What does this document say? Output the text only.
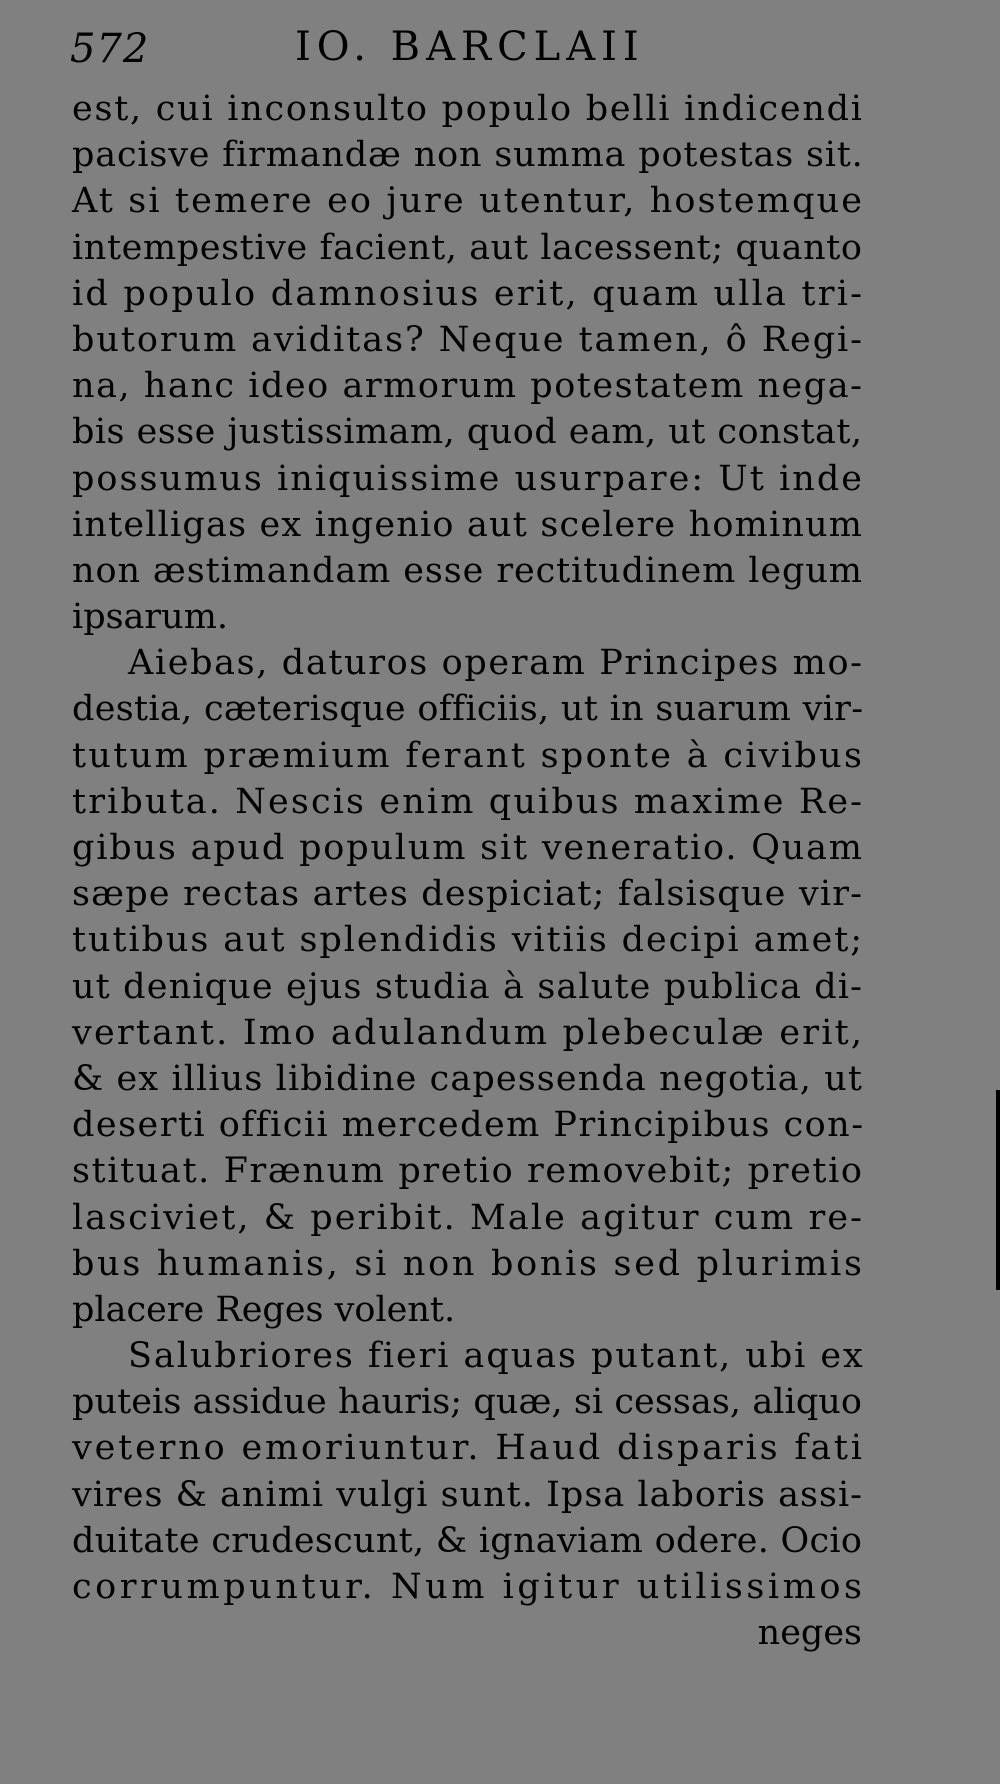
572	IO. BARCLAII
est, cui inconsulto populo belli indicendi
pacisve firmandæ non summa potestas sit.
At si temere eo jure utentur, hostemque
intempestive facient, aut lacessent; quanto
id populo damnosius erit, quam ulla tri-
butorum aviditas? Neque tamen, ô Regi-
na, hanc ideo armorum potestatem nega-
bis esse justissimam, quod eam, ut constat,
possumus iniquissime usurpare: Ut inde
intelligas ex ingenio aut scelere hominum
non æstimandam esse rectitudinem legum
ipsarum.
Aiebas, daturos operam Principes mo-
destia, cæterisque officiis, ut in suarum vir-
tutum præmium ferant sponte à civibus
tributa. Nescis enim quibus maxime Re-
gibus apud populum sit veneratio. Quam
sæpe rectas artes despiciat; falsisque vir-
tutibus aut splendidis vitiis decipi amet;
ut denique ejus studia à salute publica di-
vertant. Imo adulandum plebeculæ erit,
& ex illius libidine capessenda negotia, ut
deserti officii mercedem Principibus con-
stituat. Frænum pretio removebit; pretio
lasciviet, & peribit. Male agitur cum re-
bus humanis, si non bonis sed plurimis
placere Reges volent.
Salubriores fieri aquas putant, ubi ex
puteis assidue hauris; quæ, si cessas, aliquo
veterno emoriuntur. Haud disparis fati
vires & animi vulgi sunt. Ipsa laboris assi-
duitate crudescunt, & ignaviam odere. Ocio
corrumpuntur. Num igitur utilissimos
neges
